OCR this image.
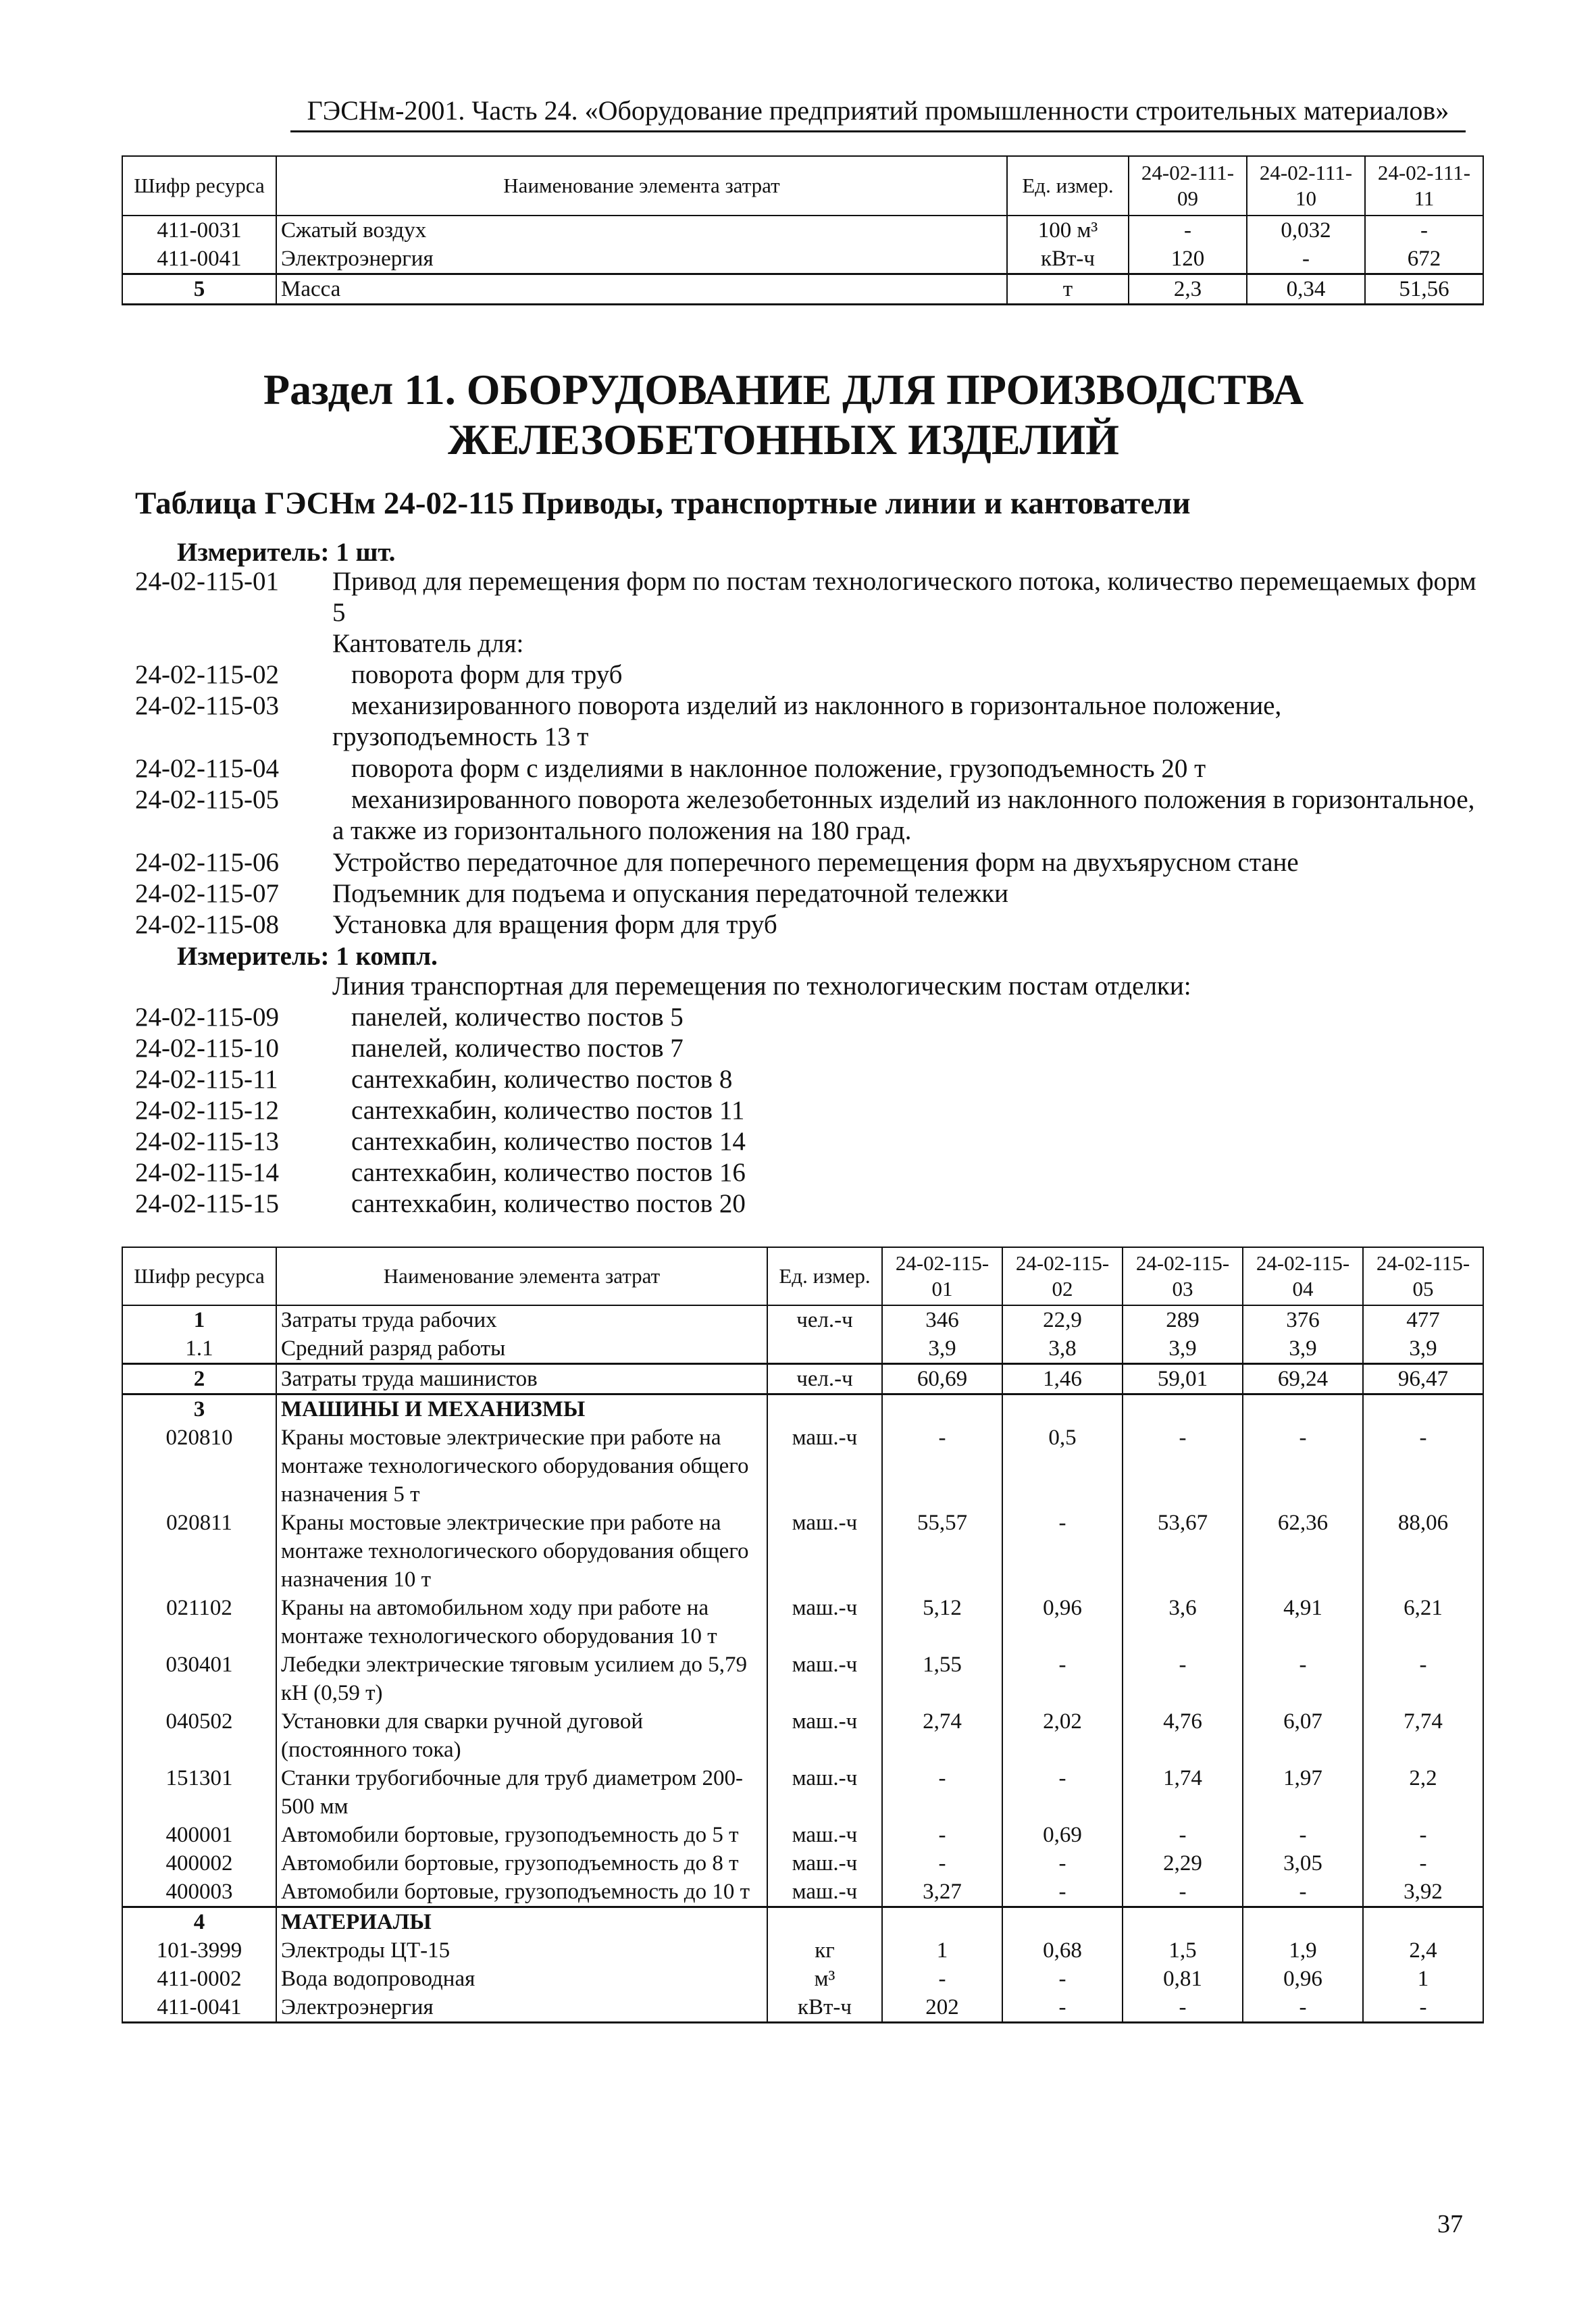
ГЭСНм-2001. Часть 24. «Оборудование предприятий промышленности строительных материалов»
Шифр ресурса	Наименование элемента затрат	Ед. измер.	24-02-111-09	24-02-111-10	24-02-111-11
411-0031	Сжатый воздух	100 м³	-	0,032	-
411-0041	Электроэнергия	кВт-ч	120	-	672
5	Масса	т	2,3	0,34	51,56
Раздел 11. ОБОРУДОВАНИЕ ДЛЯ ПРОИЗВОДСТВА ЖЕЛЕЗОБЕТОННЫХ ИЗДЕЛИЙ
Таблица ГЭСНм 24-02-115 Приводы, транспортные линии и кантователи
Измеритель: 1 шт.
24-02-115-01	Привод для перемещения форм по постам технологического потока, количество перемещаемых форм 5
Кантователь для:
24-02-115-02	поворота форм для труб
24-02-115-03	механизированного поворота изделий из наклонного в горизонтальное положение, грузоподъемность 13 т
24-02-115-04	поворота форм с изделиями в наклонное положение, грузоподъемность 20 т
24-02-115-05	механизированного поворота железобетонных изделий из наклонного положения в горизонтальное, а также из горизонтального положения на 180 град.
24-02-115-06	Устройство передаточное для поперечного перемещения форм на двухъярусном стане
24-02-115-07	Подъемник для подъема и опускания передаточной тележки
24-02-115-08	Установка для вращения форм для труб
Измеритель: 1 компл.
Линия транспортная для перемещения по технологическим постам отделки:
24-02-115-09	панелей, количество постов 5
24-02-115-10	панелей, количество постов 7
24-02-115-11	сантехкабин, количество постов 8
24-02-115-12	сантехкабин, количество постов 11
24-02-115-13	сантехкабин, количество постов 14
24-02-115-14	сантехкабин, количество постов 16
24-02-115-15	сантехкабин, количество постов 20
Шифр ресурса	Наименование элемента затрат	Ед. измер.	24-02-115-01	24-02-115-02	24-02-115-03	24-02-115-04	24-02-115-05
1	Затраты труда рабочих	чел.-ч	346	22,9	289	376	477
1.1	Средний разряд работы		3,9	3,8	3,9	3,9	3,9
2	Затраты труда машинистов	чел.-ч	60,69	1,46	59,01	69,24	96,47
3	МАШИНЫ И МЕХАНИЗМЫ						
020810	Краны мостовые электрические при работе на монтаже технологического оборудования общего назначения 5 т	маш.-ч	-	0,5	-	-	-
020811	Краны мостовые электрические при работе на монтаже технологического оборудования общего назначения 10 т	маш.-ч	55,57	-	53,67	62,36	88,06
021102	Краны на автомобильном ходу при работе на монтаже технологического оборудования 10 т	маш.-ч	5,12	0,96	3,6	4,91	6,21
030401	Лебедки электрические тяговым усилием до 5,79 кН (0,59 т)	маш.-ч	1,55	-	-	-	-
040502	Установки для сварки ручной дуговой (постоянного тока)	маш.-ч	2,74	2,02	4,76	6,07	7,74
151301	Станки трубогибочные для труб диаметром 200-500 мм	маш.-ч	-	-	1,74	1,97	2,2
400001	Автомобили бортовые, грузоподъемность до 5 т	маш.-ч	-	0,69	-	-	-
400002	Автомобили бортовые, грузоподъемность до 8 т	маш.-ч	-	-	2,29	3,05	-
400003	Автомобили бортовые, грузоподъемность до 10 т	маш.-ч	3,27	-	-	-	3,92
4	МАТЕРИАЛЫ						
101-3999	Электроды ЦТ-15	кг	1	0,68	1,5	1,9	2,4
411-0002	Вода водопроводная	м³	-	-	0,81	0,96	1
411-0041	Электроэнергия	кВт-ч	202	-	-	-	-
37
